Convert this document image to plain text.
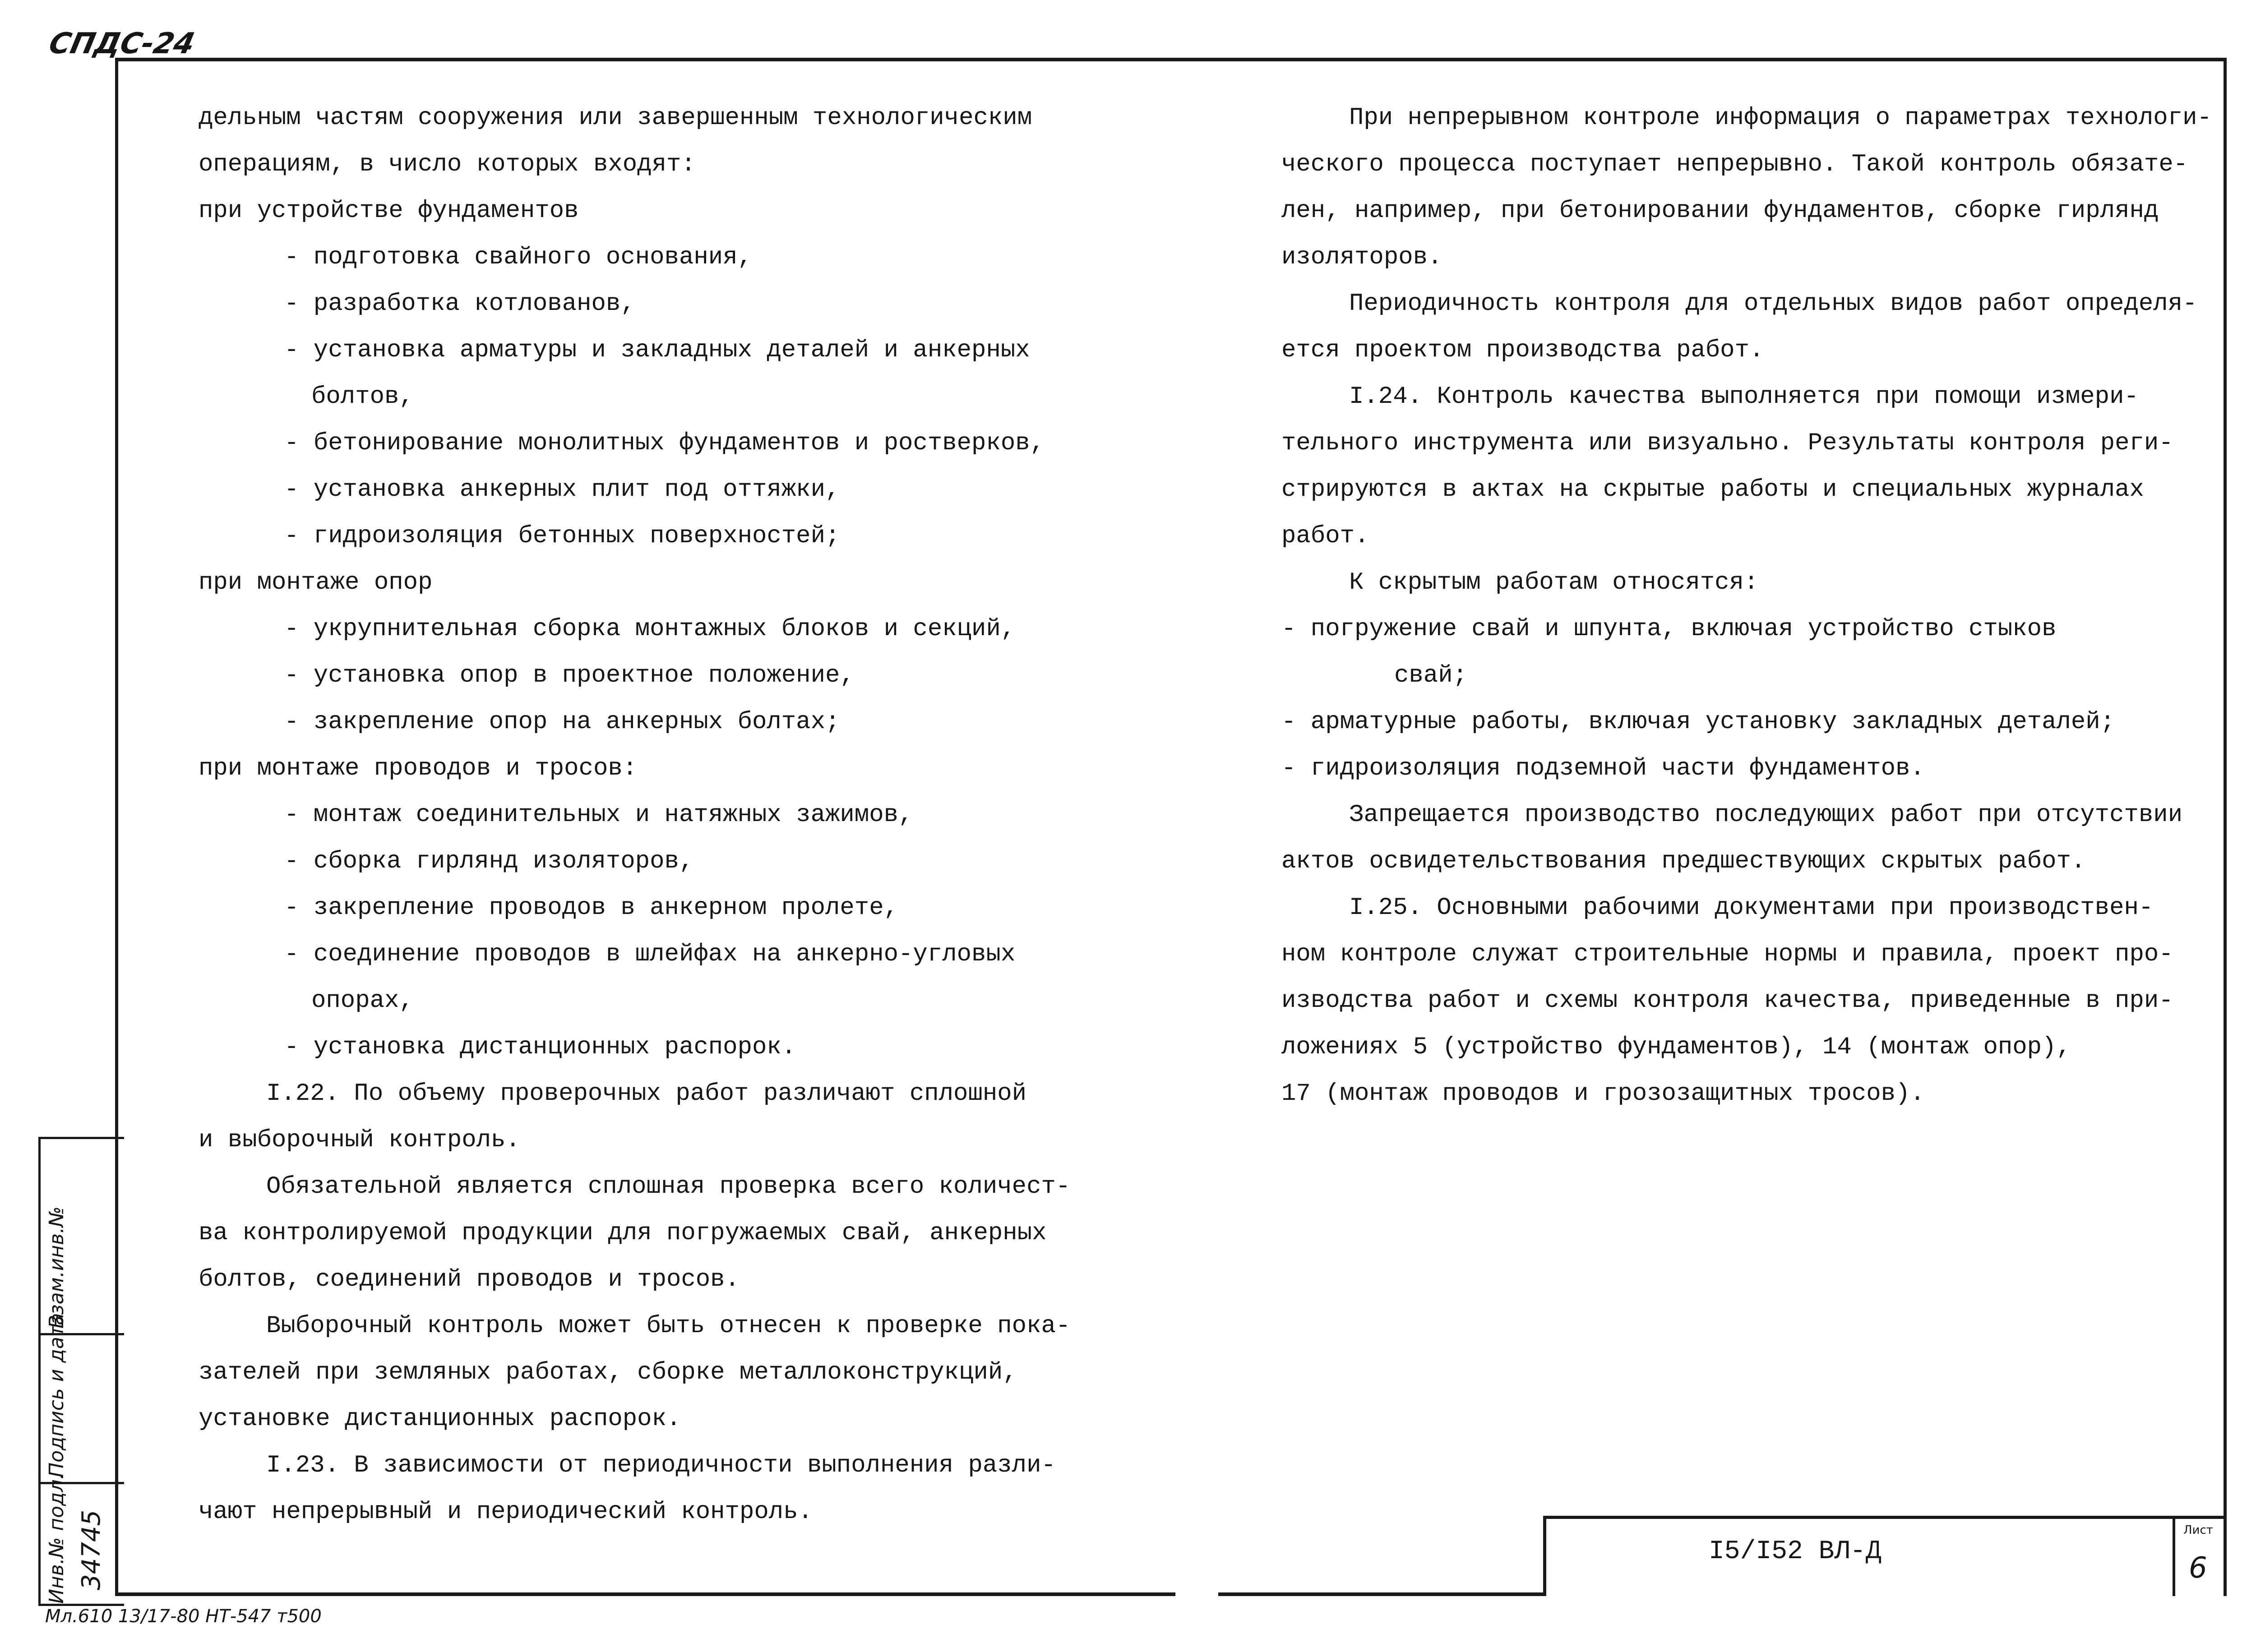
СПДС-24
дельным частям сооружения или завершенным технологическим
операциям, в число которых входят:
при устройстве фундаментов
- подготовка свайного основания,
- разработка котлованов,
- установка арматуры и закладных деталей и анкерных
болтов,
- бетонирование монолитных фундаментов и ростверков,
- установка анкерных плит под оттяжки,
- гидроизоляция бетонных поверхностей;
при монтаже опор
- укрупнительная сборка монтажных блоков и секций,
- установка опор в проектное положение,
- закрепление опор на анкерных болтах;
при монтаже проводов и тросов:
- монтаж соединительных и натяжных зажимов,
- сборка гирлянд изоляторов,
- закрепление проводов в анкерном пролете,
- соединение проводов в шлейфах на анкерно-угловых
опорах,
- установка дистанционных распорок.
I.22. По объему проверочных работ различают сплошной
и выборочный контроль.
Обязательной является сплошная проверка всего количест-
ва контролируемой продукции для погружаемых свай, анкерных
болтов, соединений проводов и тросов.
Выборочный контроль может быть отнесен к проверке пока-
зателей при земляных работах, сборке металлоконструкций,
установке дистанционных распорок.
I.23. В зависимости от периодичности выполнения разли-
чают непрерывный и периодический контроль.
При непрерывном контроле информация о параметрах технологи-
ческого процесса поступает непрерывно. Такой контроль обязате-
лен, например, при бетонировании фундаментов, сборке гирлянд
изоляторов.
Периодичность контроля для отдельных видов работ определя-
ется проектом производства работ.
I.24. Контроль качества выполняется при помощи измери-
тельного инструмента или визуально. Результаты контроля реги-
стрируются в актах на скрытые работы и специальных журналах
работ.
К скрытым работам относятся:
- погружение свай и шпунта, включая устройство стыков
свай;
- арматурные работы, включая установку закладных деталей;
- гидроизоляция подземной части фундаментов.
Запрещается производство последующих работ при отсутствии
актов освидетельствования предшествующих скрытых работ.
I.25. Основными рабочими документами при производствен-
ном контроле служат строительные нормы и правила, проект про-
изводства работ и схемы контроля качества, приведенные в при-
ложениях 5 (устройство фундаментов), 14 (монтаж опор),
17 (монтаж проводов и грозозащитных тросов).
Взам.инв.№
Подпись и дата
Инв.№ подл. 34745	I5/I52 ВЛ-Д
Лист
6
Мл.610 13/17-80 НТ-547 т500
